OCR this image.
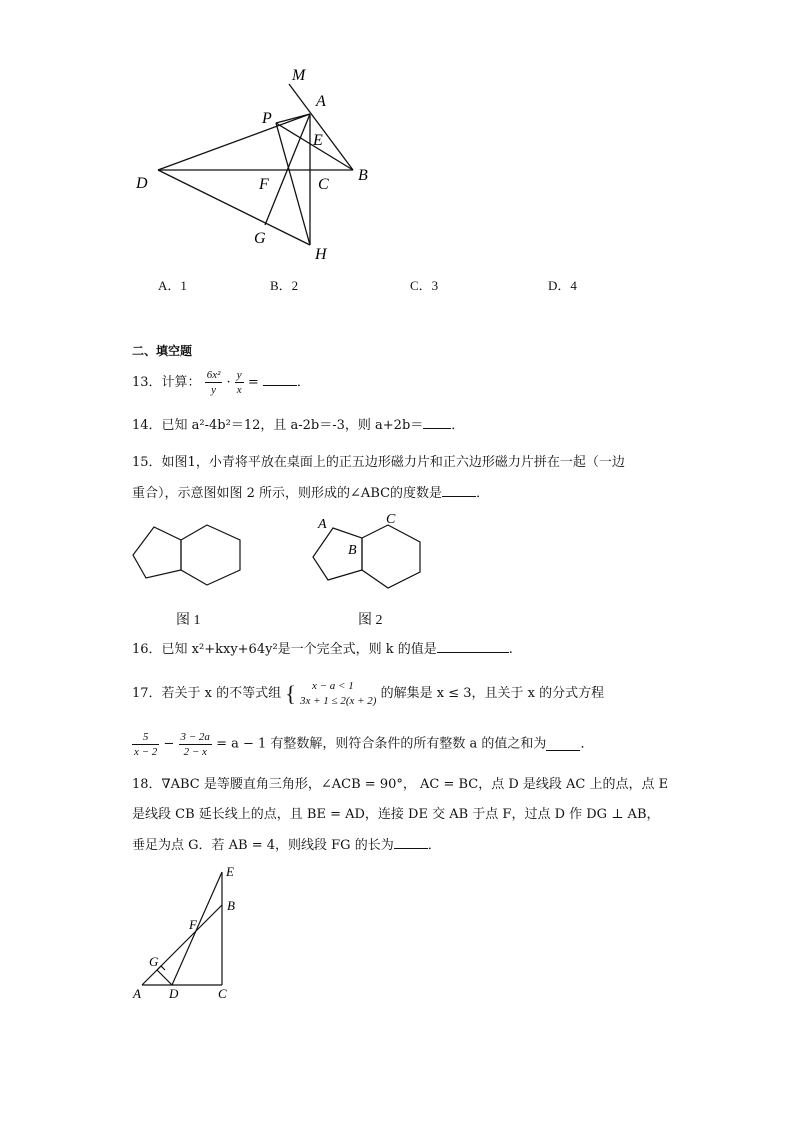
M
A
P
E
D	F	C
B
G
H
A．1	B．2	C．3	D．4
二、填空题
13．计算： $\frac{\text{6x²}}{y} \cdot \frac{y}{x}$ =	．
14．已知 a²-4b²＝12，且 a-2b＝-3，则 a+2b＝ ．
15．如图1，小青将平放在桌面上的正五边形磁力片和正六边形磁力片拼在一起（一边
重合），示意图如图 2 所示，则形成的∠ABC的度数是	．
图 1
A
B
C
图 2
16．已知 x²+kxy+64y²是一个完全式，则 k 的值是	.
17．若关于 x 的不等式组 {	x − a < 1
3x + 1 ≤ 2(x + 2) 的解集是 x ≤ 3，且关于 x 的分式方程
$\frac{5}{x - 2} - \frac{3 - 2a}{2 - x} = a - 1$ 有整数解，则符合条件的所有整数 a 的值之和为	．
18．∇ABC 是等腰直角三角形，∠ACB = 90°， AC = BC，点 D 是线段 AC 上的点，点 E
是线段 CB 延长线上的点，且 BE = AD，连接 DE 交 AB 于点 F，过点 D 作 DG ⊥ AB，
垂足为点 G．若 AB = 4，则线段 FG 的长为	．
E
B
F
G
A D	C
